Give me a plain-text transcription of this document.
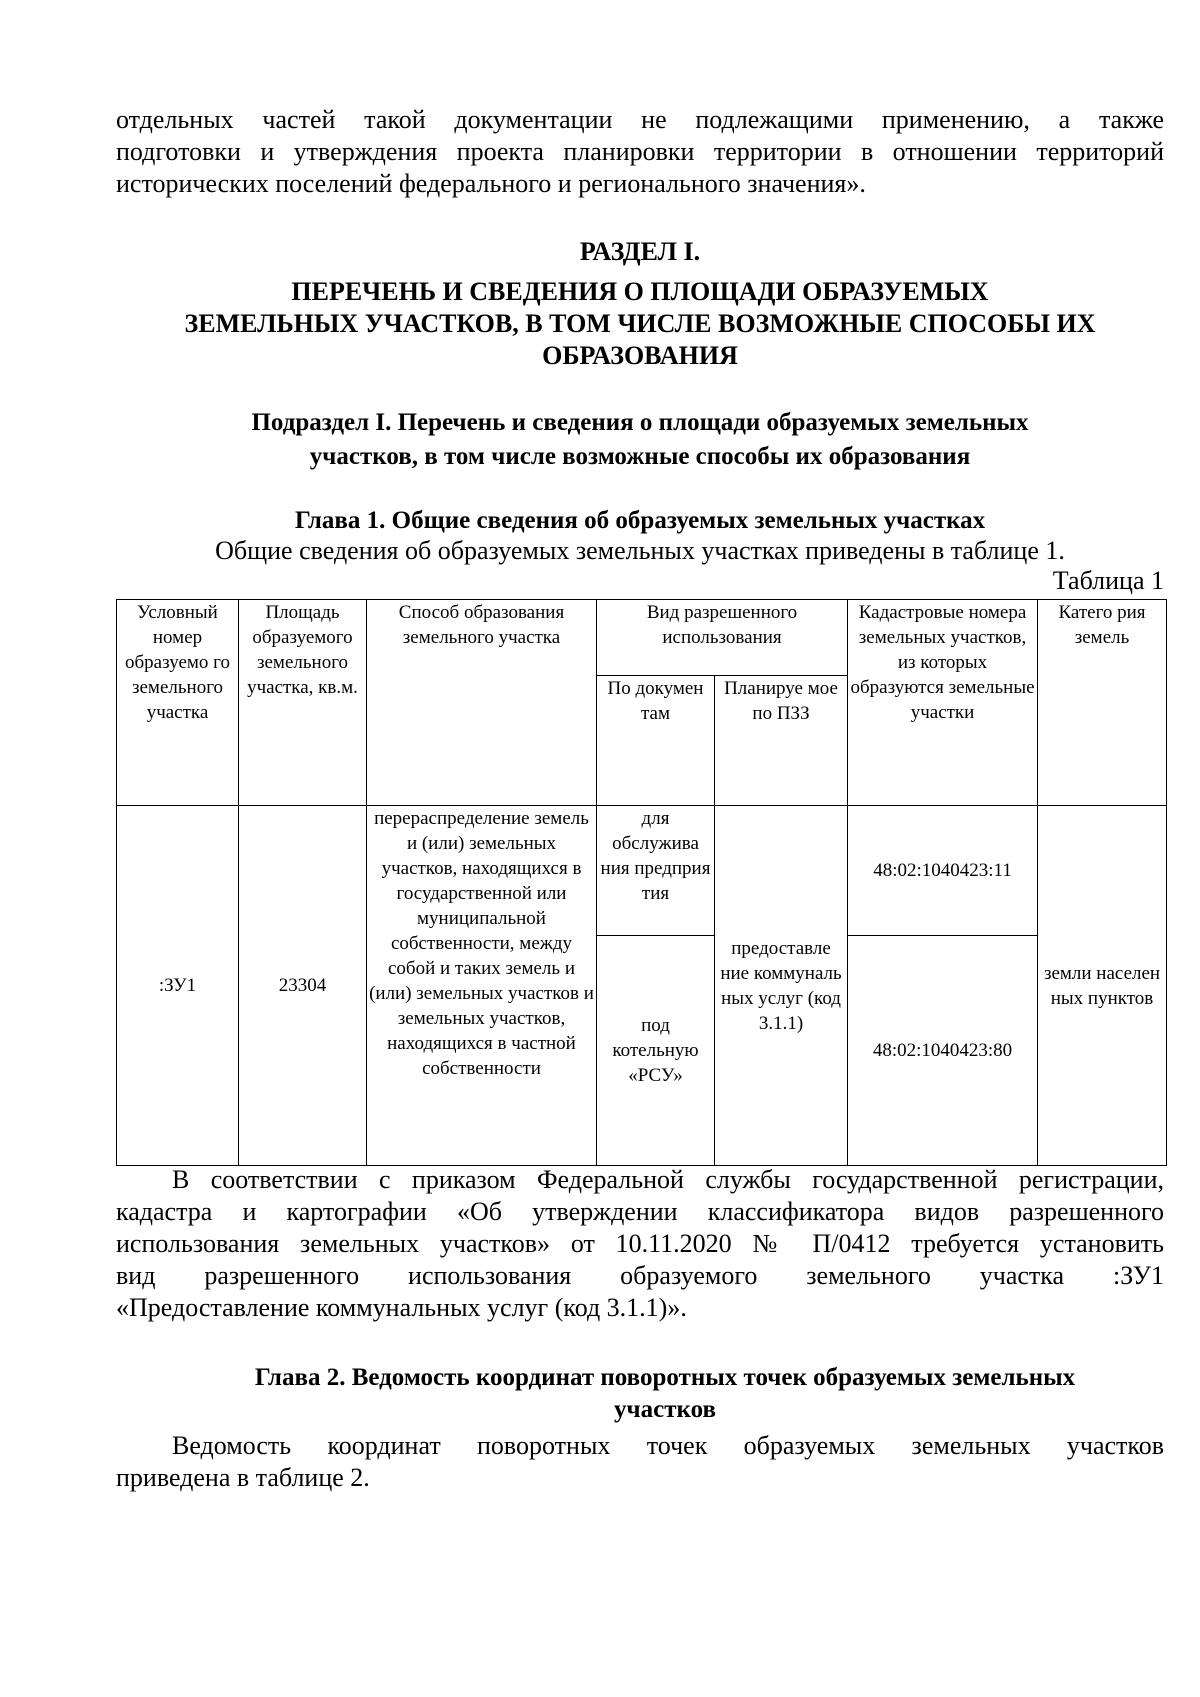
отдельных частей такой документации не подлежащими применению, а также
подготовки и утверждения проекта планировки территории в отношении территорий
исторических поселений федерального и регионального значения».
РАЗДЕЛ I.
ПЕРЕЧЕНЬ И СВЕДЕНИЯ О ПЛОЩАДИ ОБРАЗУЕМЫХ
ЗЕМЕЛЬНЫХ УЧАСТКОВ, В ТОМ ЧИСЛЕ ВОЗМОЖНЫЕ СПОСОБЫ ИХ
ОБРАЗОВАНИЯ
Подраздел I. Перечень и сведения о площади образуемых земельных
участков, в том числе возможные способы их образования
Глава 1. Общие сведения об образуемых земельных участках
Общие сведения об образуемых земельных участках приведены в таблице 1.
Таблица 1
Условный номер образуемо го земельного участка	Площадь образуемого земельного участка, кв.м.	Способ образования земельного участка	Вид разрешенного использования		Кадастровые номера земельных участков, из которых образуются земельные участки	Катего рия земель
			По докумен там	Планируе мое по ПЗЗ		
:ЗУ1	23304	перераспределение земель и (или) земельных участков, находящихся в государственной или муниципальной собственности, между собой и таких земель и (или) земельных участков и земельных участков, находящихся в частной собственности	для обслужива ния предприя тия	предоставле ние коммуналь ных услуг (код 3.1.1)	48:02:1040423:11	земли населен ных пунктов
			под котельную «РСУ»		48:02:1040423:80	
В соответствии с приказом Федеральной службы государственной регистрации,
кадастра и картографии «Об утверждении классификатора видов разрешенного
использования земельных участков» от 10.11.2020 № П/0412 требуется установить
вид разрешенного использования образуемого земельного участка :ЗУ1
«Предоставление коммунальных услуг (код 3.1.1)».
Глава 2. Ведомость координат поворотных точек образуемых земельных
участков
Ведомость координат поворотных точек образуемых земельных участков
приведена в таблице 2.
